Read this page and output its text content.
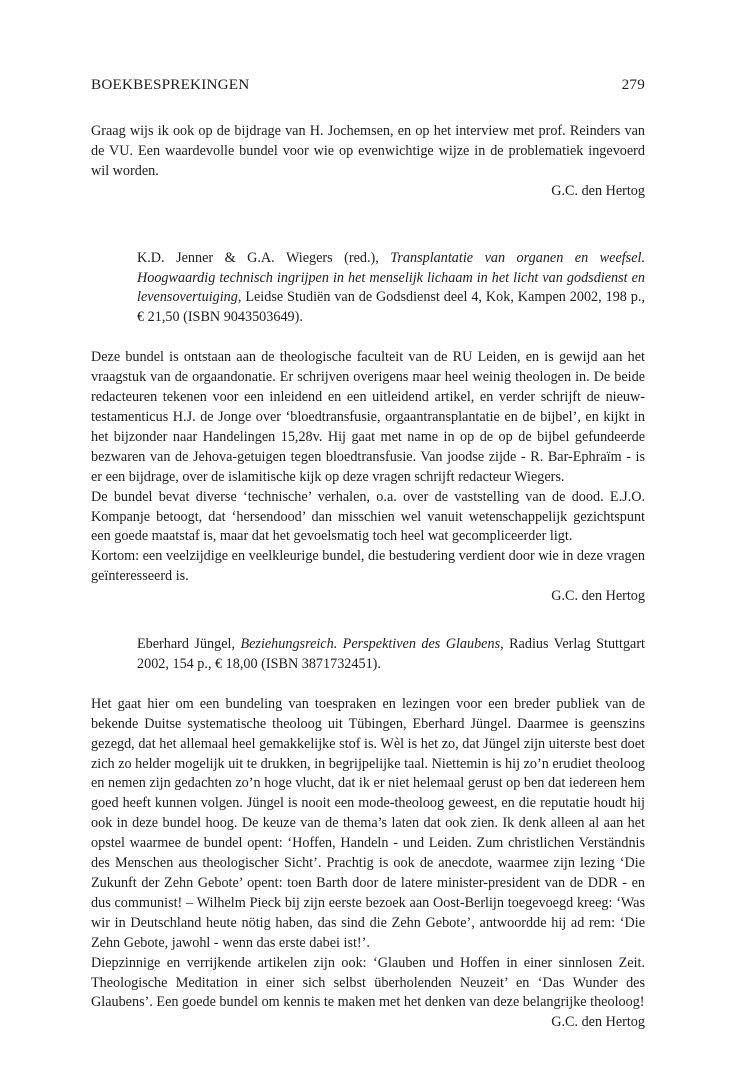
BOEKBESPREKINGEN	279

Graag wijs ik ook op de bijdrage van H. Jochemsen, en op het interview met prof. Reinders van de VU. Een waardevolle bundel voor wie op evenwichtige wijze in de problematiek ingevoerd wil worden.

G.C. den Hertog

K.D. Jenner & G.A. Wiegers (red.), Transplantatie van organen en weefsel. Hoogwaardig technisch ingrijpen in het menselijk lichaam in het licht van godsdienst en levensovertuiging, Leidse Studiën van de Godsdienst deel 4, Kok, Kampen 2002, 198 p., € 21,50 (ISBN 9043503649).

Deze bundel is ontstaan aan de theologische faculteit van de RU Leiden, en is gewijd aan het vraagstuk van de orgaandonatie. Er schrijven overigens maar heel weinig theologen in. De beide redacteuren tekenen voor een inleidend en een uitleidend artikel, en verder schrijft de nieuw-testamenticus H.J. de Jonge over ‘bloedtransfusie, orgaantransplantatie en de bijbel’, en kijkt in het bijzonder naar Handelingen 15,28v. Hij gaat met name in op de op de bijbel gefundeerde bezwaren van de Jehova-getuigen tegen bloedtransfusie. Van joodse zijde - R. Bar-Ephraïm - is er een bijdrage, over de islamitische kijk op deze vragen schrijft redacteur Wiegers.

De bundel bevat diverse ‘technische’ verhalen, o.a. over de vaststelling van de dood. E.J.O. Kompanje betoogt, dat ‘hersendood’ dan misschien wel vanuit wetenschappelijk gezichtspunt een goede maatstaf is, maar dat het gevoelsmatig toch heel wat gecompliceerder ligt.

Kortom: een veelzijdige en veelkleurige bundel, die bestudering verdient door wie in deze vragen geïnteresseerd is.

G.C. den Hertog

Eberhard Jüngel, Beziehungsreich. Perspektiven des Glaubens, Radius Verlag Stuttgart 2002, 154 p., € 18,00 (ISBN 3871732451).

Het gaat hier om een bundeling van toespraken en lezingen voor een breder publiek van de bekende Duitse systematische theoloog uit Tübingen, Eberhard Jüngel. Daarmee is geenszins gezegd, dat het allemaal heel gemakkelijke stof is. Wèl is het zo, dat Jüngel zijn uiterste best doet zich zo helder mogelijk uit te drukken, in begrijpelijke taal. Niettemin is hij zo’n erudiet theoloog en nemen zijn gedachten zo’n hoge vlucht, dat ik er niet helemaal gerust op ben dat iedereen hem goed heeft kunnen volgen. Jüngel is nooit een mode-theoloog geweest, en die reputatie houdt hij ook in deze bundel hoog. De keuze van de thema’s laten dat ook zien. Ik denk alleen al aan het opstel waarmee de bundel opent: ‘Hoffen, Handeln - und Leiden. Zum christlichen Verständnis des Menschen aus theologischer Sicht’. Prachtig is ook de anecdote, waarmee zijn lezing ‘Die Zukunft der Zehn Gebote’ opent: toen Barth door de latere minister-president van de DDR - en dus communist! – Wilhelm Pieck bij zijn eerste bezoek aan Oost-Berlijn toegevoegd kreeg: ‘Was wir in Deutschland heute nötig haben, das sind die Zehn Gebote’, antwoordde hij ad rem: ‘Die Zehn Gebote, jawohl - wenn das erste dabei ist!’.

Diepzinnige en verrijkende artikelen zijn ook: ‘Glauben und Hoffen in einer sinnlosen Zeit. Theologische Meditation in einer sich selbst überholenden Neuzeit’ en ‘Das Wunder des Glaubens’. Een goede bundel om kennis te maken met het denken van deze belangrijke theoloog!

G.C. den Hertog
